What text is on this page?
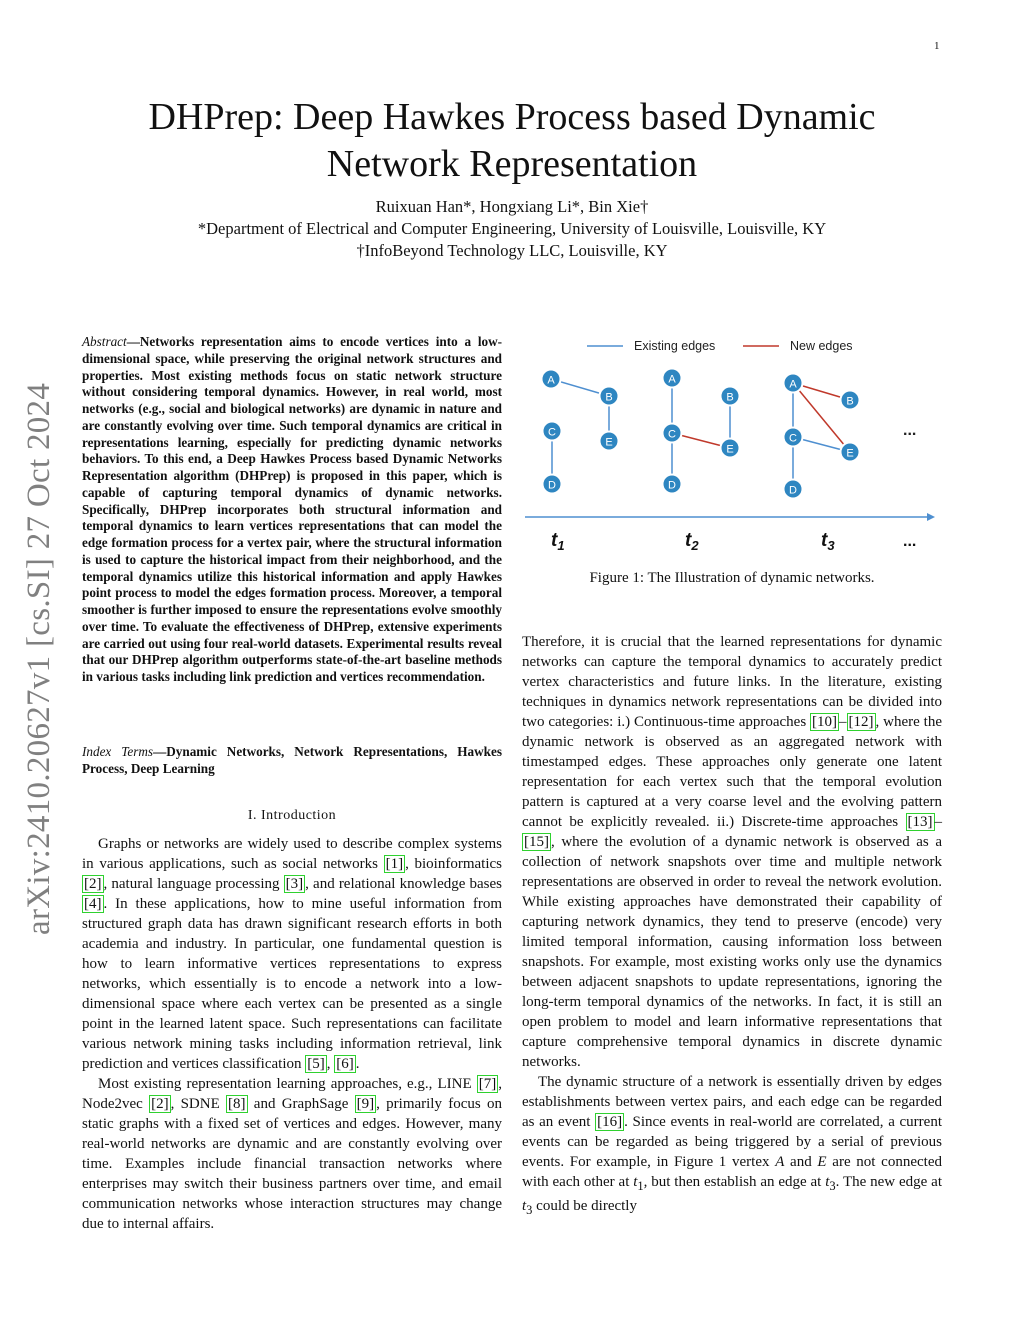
1
arXiv:2410.20627v1 [cs.SI] 27 Oct 2024
DHPrep: Deep Hawkes Process based Dynamic Network Representation
Ruixuan Han*, Hongxiang Li*, Bin Xie†
*Department of Electrical and Computer Engineering, University of Louisville, Louisville, KY
†InfoBeyond Technology LLC, Louisville, KY
Abstract—Networks representation aims to encode vertices into a low-dimensional space, while preserving the original network structures and properties. Most existing methods focus on static network structure without considering temporal dynamics. However, in real world, most networks (e.g., social and biological networks) are dynamic in nature and are constantly evolving over time. Such temporal dynamics are critical in representations learning, especially for predicting dynamic networks behaviors. To this end, a Deep Hawkes Process based Dynamic Networks Representation algorithm (DHPrep) is proposed in this paper, which is capable of capturing temporal dynamics of dynamic networks. Specifically, DHPrep incorporates both structural information and temporal dynamics to learn vertices representations that can model the edge formation process for a vertex pair, where the structural information is used to capture the historical impact from their neighborhood, and the temporal dynamics utilize this historical information and apply Hawkes point process to model the edges formation process. Moreover, a temporal smoother is further imposed to ensure the representations evolve smoothly over time. To evaluate the effectiveness of DHPrep, extensive experiments are carried out using four real-world datasets. Experimental results reveal that our DHPrep algorithm outperforms state-of-the-art baseline methods in various tasks including link prediction and vertices recommendation.
Index Terms—Dynamic Networks, Network Representations, Hawkes Process, Deep Learning
I. Introduction

Graphs or networks are widely used to describe complex systems in various applications, such as social networks [1] , bioinformatics [2] , natural language processing [3] , and relational knowledge bases [4] . In these applications, how to mine useful information from structured graph data has drawn significant research efforts in both academia and industry. In particular, one fundamental question is how to learn informative vertices representations to express networks, which essentially is to encode a network into a low-dimensional space where each vertex can be presented as a single point in the learned latent space. Such representations can facilitate various network mining tasks including information retrieval, link prediction and vertices classification [5] , [6] .

Most existing representation learning approaches, e.g., LINE [7] , Node2vec [2] , SDNE [8] and GraphSage [9] , primarily focus on static graphs with a fixed set of vertices and edges. However, many real-world networks are dynamic and are constantly evolving over time. Examples include financial transaction networks where enterprises may switch their business partners over time, and email communication networks whose interaction structures may change due to internal affairs.

Existing edges	New edges
A
B
C
D
E
A
B
C
D
E
A
B
C
D
E
...
$t_1$	$t_2$	$t_3$	...
Figure 1: The Illustration of dynamic networks.

Therefore, it is crucial that the learned representations for dynamic networks can capture the temporal dynamics to accurately predict vertex characteristics and future links. In the literature, existing techniques in dynamics network representations can be divided into two categories: i.) Continuous-time approaches [10] – [12] , where the dynamic network is observed as an aggregated network with timestamped edges. These approaches only generate one latent representation for each vertex such that the temporal evolution pattern is captured at a very coarse level and the evolving pattern cannot be explicitly revealed. ii.) Discrete-time approaches [13] –[15] , where the evolution of a dynamic network is observed as a collection of network snapshots over time and multiple network representations are observed in order to reveal the network evolution. While existing approaches have demonstrated their capability of capturing network dynamics, they tend to preserve (encode) very limited temporal information, causing information loss between snapshots. For example, most existing works only use the dynamics between adjacent snapshots to update representations, ignoring the long-term temporal dynamics of the networks. In fact, it is still an open problem to model and learn informative representations that capture comprehensive temporal dynamics in discrete dynamic networks.

The dynamic structure of a network is essentially driven by edges establishments between vertex pairs, and each edge can be regarded as an event [16] . Since events in real-world are correlated, a current events can be regarded as being triggered by a serial of previous events. For example, in Figure 1 vertex A and E are not connected with each other at $t_1$, but then establish an edge at $t_3$. The new edge at $t_3$ could be directly
